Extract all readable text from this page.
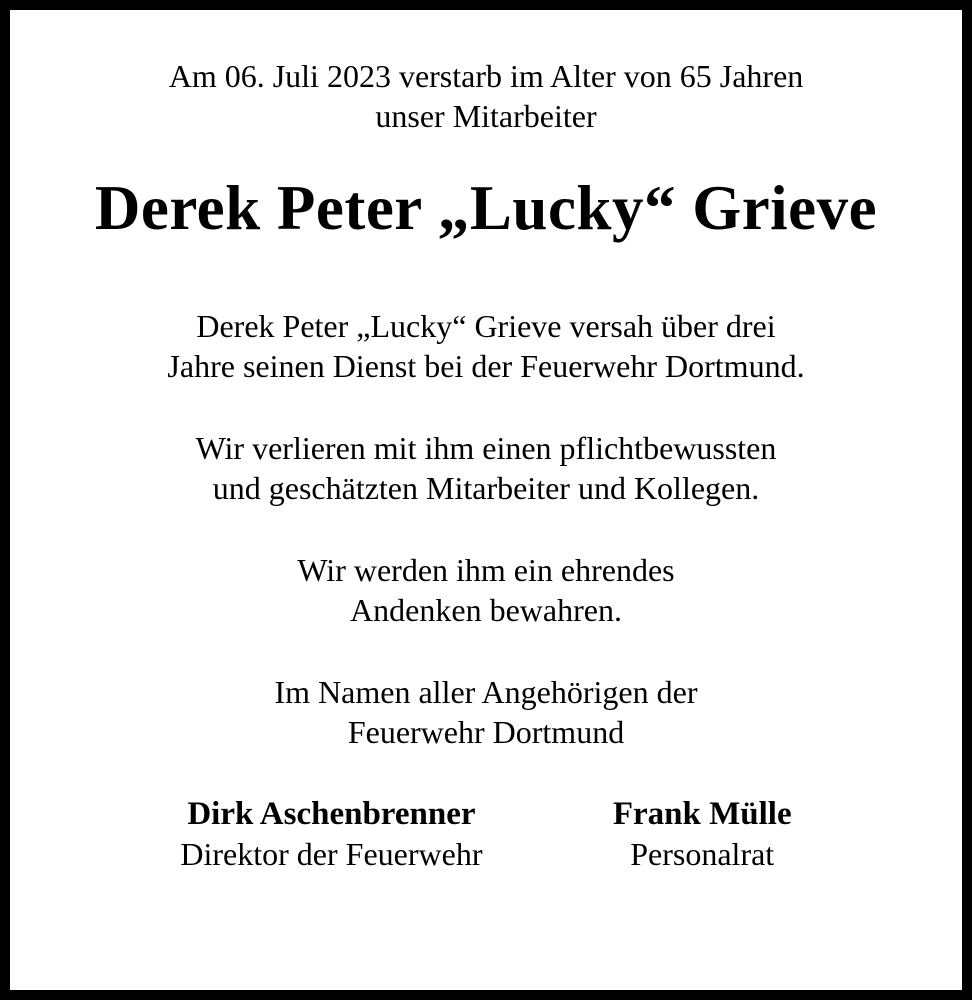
Am 06. Juli 2023 verstarb im Alter von 65 Jahren
unser Mitarbeiter
Derek Peter „Lucky“ Grieve
Derek Peter „Lucky“ Grieve versah über drei
Jahre seinen Dienst bei der Feuerwehr Dortmund.
Wir verlieren mit ihm einen pflichtbewussten
und geschätzten Mitarbeiter und Kollegen.
Wir werden ihm ein ehrendes
Andenken bewahren.
Im Namen aller Angehörigen der
Feuerwehr Dortmund
Dirk Aschenbrenner
Direktor der Feuerwehr
Frank Mülle
Personalrat
